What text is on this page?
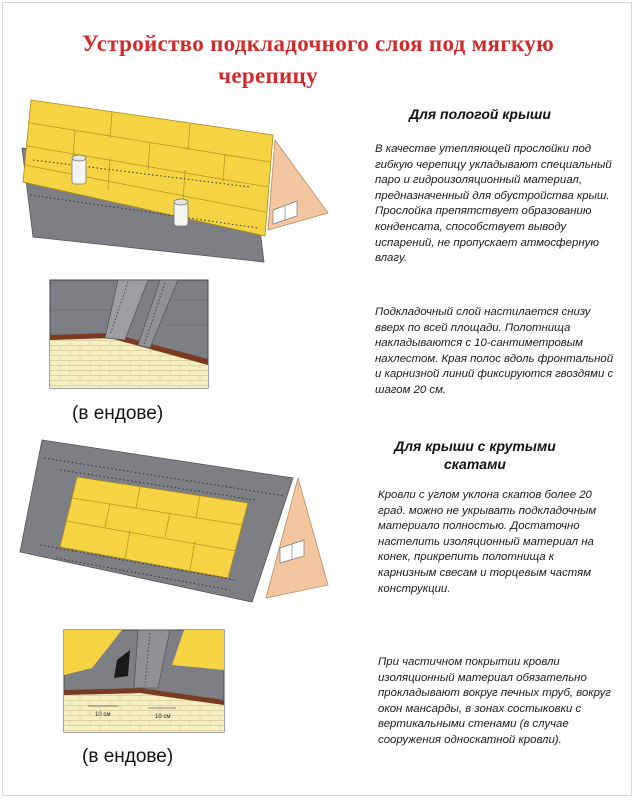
Устройство подкладочного слоя под мягкую
черепицу
10 см	10 см
(в ендове)
(в ендове)
Для пологой крыши
В качестве утепляющей прослойки под гибкую черепицу укладывают специальный паро и гидроизоляционный материал, предназначенный для обустройства крыш. Прослойка препятствует образованию конденсата, способствует выводу испарений, не пропускает атмосферную влагу.
Подкладочный слой настилается снизу вверх по всей площади. Полотнища накладываются с 10-сантиметровым нахлестом. Края полос вдоль фронтальной и карнизной линий фиксируются гвоздями с шагом 20 см.
Для крыши с крутыми
скатами
Кровли с углом уклона скатов более 20 град. можно не укрывать подкладочным материало полностью. Достаточно настелить изоляционный материал на конек, прикрепить полотнища к карнизным свесам и торцевым частям конструкции.
При частичном покрытии кровли изоляционный материал обязательно прокладывают вокруг печных труб, вокруг окон мансарды, в зонах состыковки с вертикальными стенами (в случае сооружения односкатной кровли).
